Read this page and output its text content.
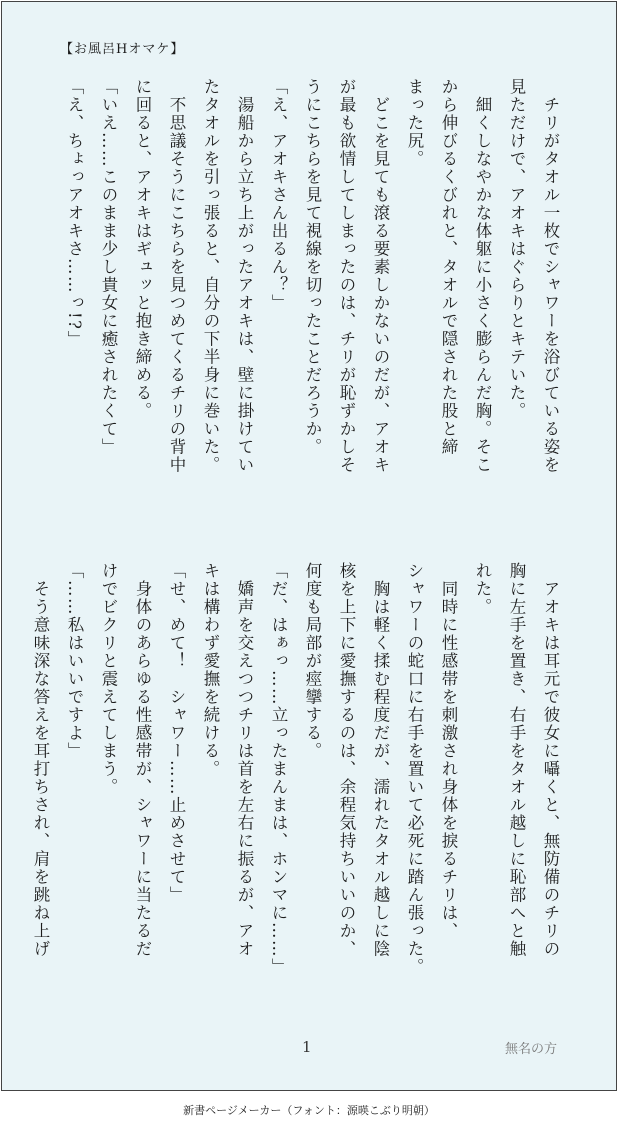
【お風呂Hオマケ】
　チリがタオル一枚でシャワーを浴びている姿を
見ただけで、アオキはぐらりとキテいた。
　細くしなやかな体躯に小さく膨らんだ胸。そこ
から伸びるくびれと、タオルで隠された股と締
まった尻。
　どこを見ても滾る要素しかないのだが、アオキ
が最も欲情してしまったのは、チリが恥ずかしそ
うにこちらを見て視線を切ったことだろうか。
「え、アオキさん出るん？」
　湯船から立ち上がったアオキは、壁に掛けてい
たタオルを引っ張ると、自分の下半身に巻いた。
　不思議そうにこちらを見つめてくるチリの背中
に回ると、アオキはギュッと抱き締める。
「いえ……このまま少し貴女に癒されたくて」
「え、ちょっアオキさ……っ!?」
　アオキは耳元で彼女に囁くと、無防備のチリの
胸に左手を置き、右手をタオル越しに恥部へと触
れた。
　同時に性感帯を刺激され身体を捩るチリは、
シャワーの蛇口に右手を置いて必死に踏ん張った。
　胸は軽く揉む程度だが、濡れたタオル越しに陰
核を上下に愛撫するのは、余程気持ちいいのか、
何度も局部が痙攣する。
「だ、はぁっ……立ったまんまは、ホンマに……」
　嬌声を交えつつチリは首を左右に振るが、アオ
キは構わず愛撫を続ける。
「せ、めて！　シャワー……止めさせて」
　身体のあらゆる性感帯が、シャワーに当たるだ
けでビクリと震えてしまう。
「……私はいいですよ」
　そう意味深な答えを耳打ちされ、肩を跳ね上げ
1	無名の方
新書ページメーカー（フォント：源暎こぶり明朝）
